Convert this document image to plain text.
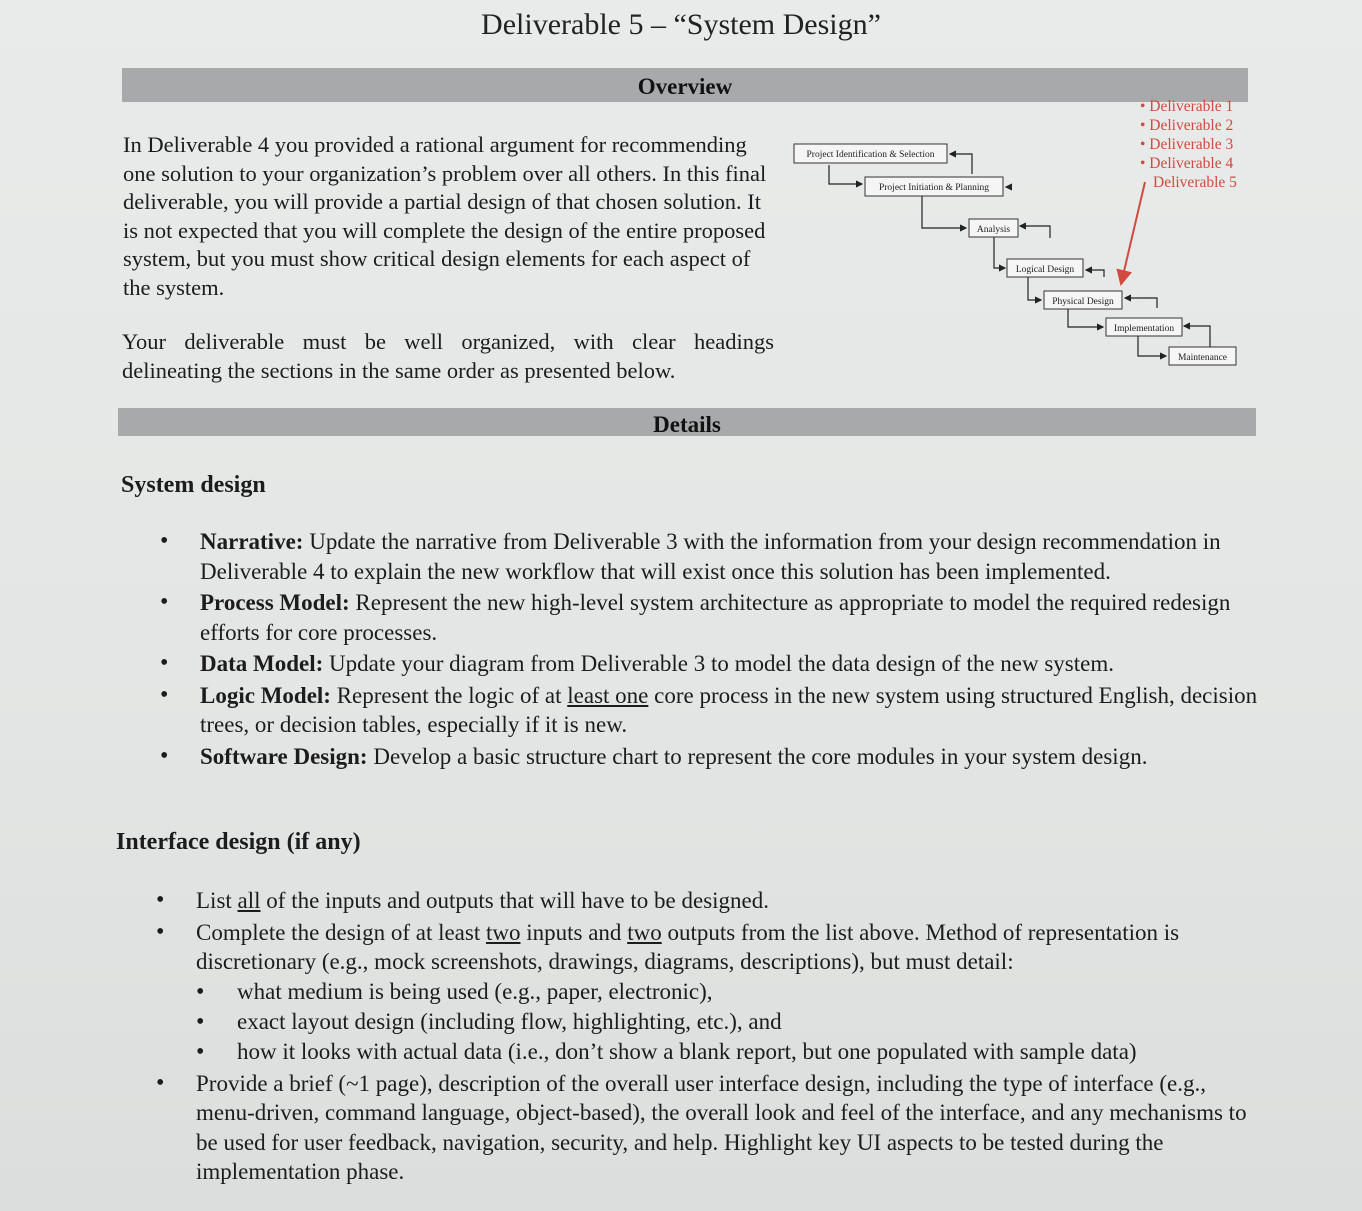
Deliverable 5 – “System Design”
Overview
In Deliverable 4 you provided a rational argument for recommending one solution to your organization’s problem over all others. In this final deliverable, you will provide a partial design of that chosen solution. It is not expected that you will complete the design of the entire proposed system, but you must show critical design elements for each aspect of the system.
Your deliverable must be well organized, with clear headings delineating the sections in the same order as presented below.
Project Identification & Selection
Project Initiation & Planning
Analysis
Logical Design
Physical Design
Implementation
Maintenance
• Deliverable 1
• Deliverable 2
• Deliverable 3
• Deliverable 4
Deliverable 5
Details
System design
• Narrative: Update the narrative from Deliverable 3 with the information from your design recommendation in Deliverable 4 to explain the new workflow that will exist once this solution has been implemented.
• Process Model: Represent the new high-level system architecture as appropriate to model the required redesign efforts for core processes.
• Data Model: Update your diagram from Deliverable 3 to model the data design of the new system.
• Logic Model: Represent the logic of at least one core process in the new system using structured English, decision trees, or decision tables, especially if it is new.
• Software Design: Develop a basic structure chart to represent the core modules in your system design.
Interface design (if any)
• List all of the inputs and outputs that will have to be designed.
• Complete the design of at least two inputs and two outputs from the list above. Method of representation is discretionary (e.g., mock screenshots, drawings, diagrams, descriptions), but must detail:
• what medium is being used (e.g., paper, electronic),
• exact layout design (including flow, highlighting, etc.), and
• how it looks with actual data (i.e., don’t show a blank report, but one populated with sample data)
• Provide a brief (~1 page), description of the overall user interface design, including the type of interface (e.g., menu-driven, command language, object-based), the overall look and feel of the interface, and any mechanisms to be used for user feedback, navigation, security, and help. Highlight key UI aspects to be tested during the implementation phase.
